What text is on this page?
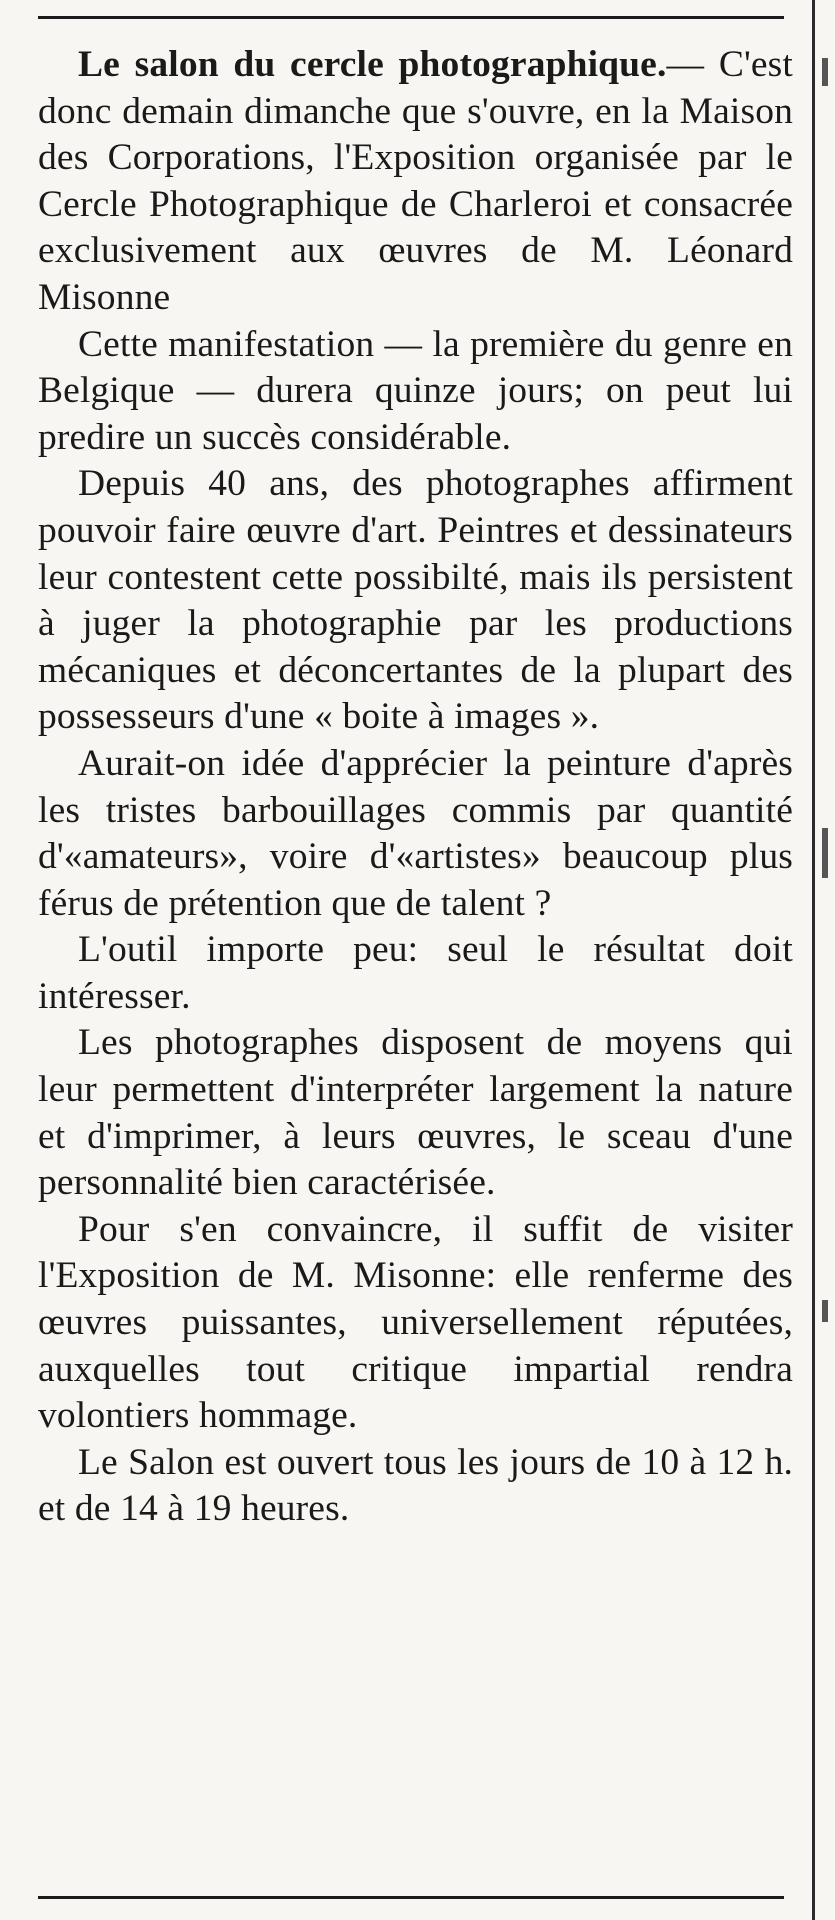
Le salon du cercle photographique.— C'est donc demain dimanche que s'ouvre, en la Maison des Corporations, l'Exposition organisée par le Cercle Photographique de Charleroi et consacrée exclusivement aux œuvres de M. Léonard Misonne

Cette manifestation — la première du genre en Belgique — durera quinze jours; on peut lui predire un succès considérable.

Depuis 40 ans, des photographes affirment pouvoir faire œuvre d'art. Peintres et dessinateurs leur contestent cette possibilté, mais ils persistent à juger la photographie par les productions mécaniques et déconcertantes de la plupart des possesseurs d'une « boite à images ».

Aurait-on idée d'apprécier la peinture d'après les tristes barbouillages commis par quantité d'«amateurs», voire d'«artistes» beaucoup plus férus de prétention que de talent ?

L'outil importe peu: seul le résultat doit intéresser.

Les photographes disposent de moyens qui leur permettent d'interpréter largement la nature et d'imprimer, à leurs œuvres, le sceau d'une personnalité bien caractérisée.

Pour s'en convaincre, il suffit de visiter l'Exposition de M. Misonne: elle renferme des œuvres puissantes, universellement réputées, auxquelles tout critique impartial rendra volontiers hommage.

Le Salon est ouvert tous les jours de 10 à 12 h. et de 14 à 19 heures.
